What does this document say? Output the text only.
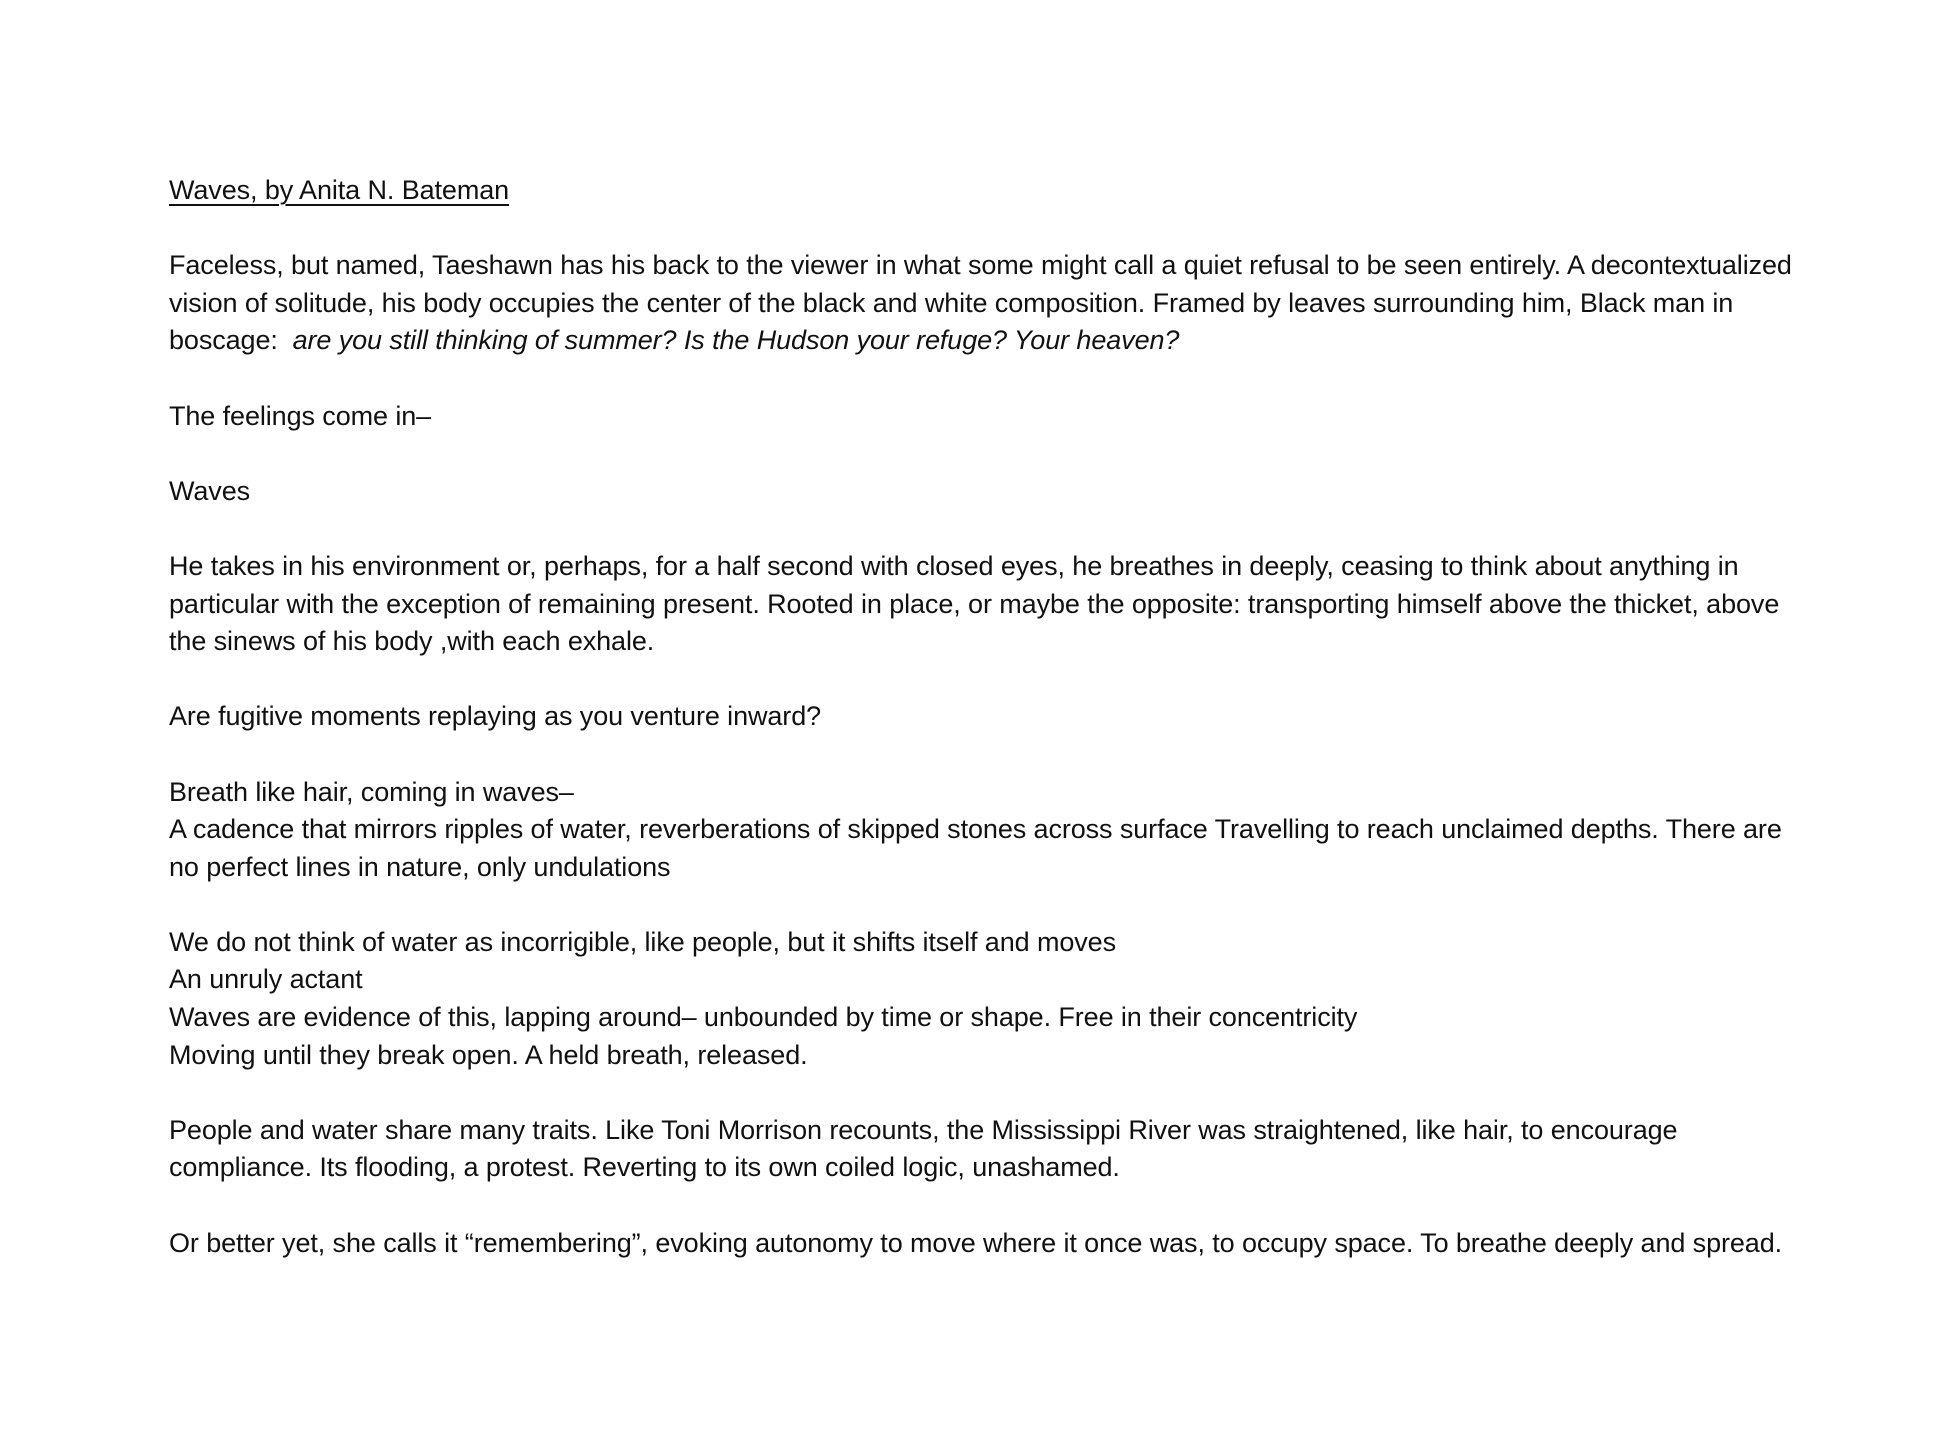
Waves, by Anita N. Bateman

Faceless, but named, Taeshawn has his back to the viewer in what some might call a quiet refusal to be seen entirely. A decontextualized vision of solitude, his body occupies the center of the black and white composition. Framed by leaves surrounding him, Black man in boscage: are you still thinking of summer? Is the Hudson your refuge? Your heaven?

The feelings come in–

Waves

He takes in his environment or, perhaps, for a half second with closed eyes, he breathes in deeply, ceasing to think about anything in particular with the exception of remaining present. Rooted in place, or maybe the opposite: transporting himself above the thicket, above the sinews of his body ,with each exhale.

Are fugitive moments replaying as you venture inward?

Breath like hair, coming in waves–

A cadence that mirrors ripples of water, reverberations of skipped stones across surface Travelling to reach unclaimed depths. There are no perfect lines in nature, only undulations

We do not think of water as incorrigible, like people, but it shifts itself and moves

An unruly actant

Waves are evidence of this, lapping around– unbounded by time or shape. Free in their concentricity

Moving until they break open. A held breath, released.

People and water share many traits. Like Toni Morrison recounts, the Mississippi River was straightened, like hair, to encourage compliance. Its flooding, a protest. Reverting to its own coiled logic, unashamed.

Or better yet, she calls it “remembering”, evoking autonomy to move where it once was, to occupy space. To breathe deeply and spread.
